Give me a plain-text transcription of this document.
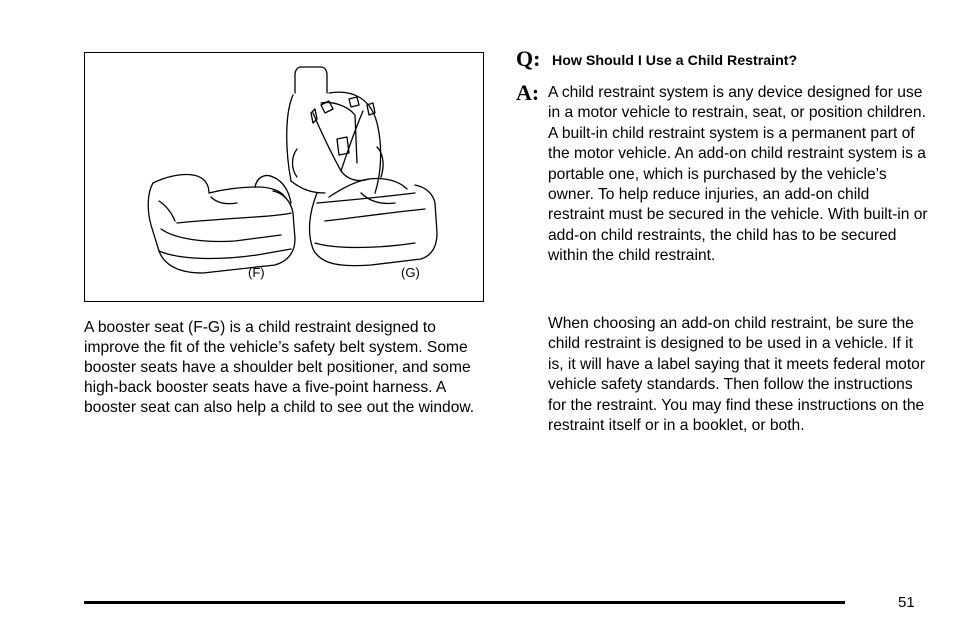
(F)	(G)

A booster seat (F-G) is a child restraint designed to improve the fit of the vehicle’s safety belt system. Some booster seats have a shoulder belt positioner, and some high-back booster seats have a five-point harness. A booster seat can also help a child to see out the window.

Q: How Should I Use a Child Restraint?
A: A child restraint system is any device designed for use in a motor vehicle to restrain, seat, or position children. A built-in child restraint system is a permanent part of the motor vehicle. An add-on child restraint system is a portable one, which is purchased by the vehicle’s owner. To help reduce injuries, an add-on child restraint must be secured in the vehicle. With built-in or add-on child restraints, the child has to be secured within the child restraint.

When choosing an add-on child restraint, be sure the child restraint is designed to be used in a vehicle. If it is, it will have a label saying that it meets federal motor vehicle safety standards. Then follow the instructions for the restraint. You may find these instructions on the restraint itself or in a booklet, or both.

51
